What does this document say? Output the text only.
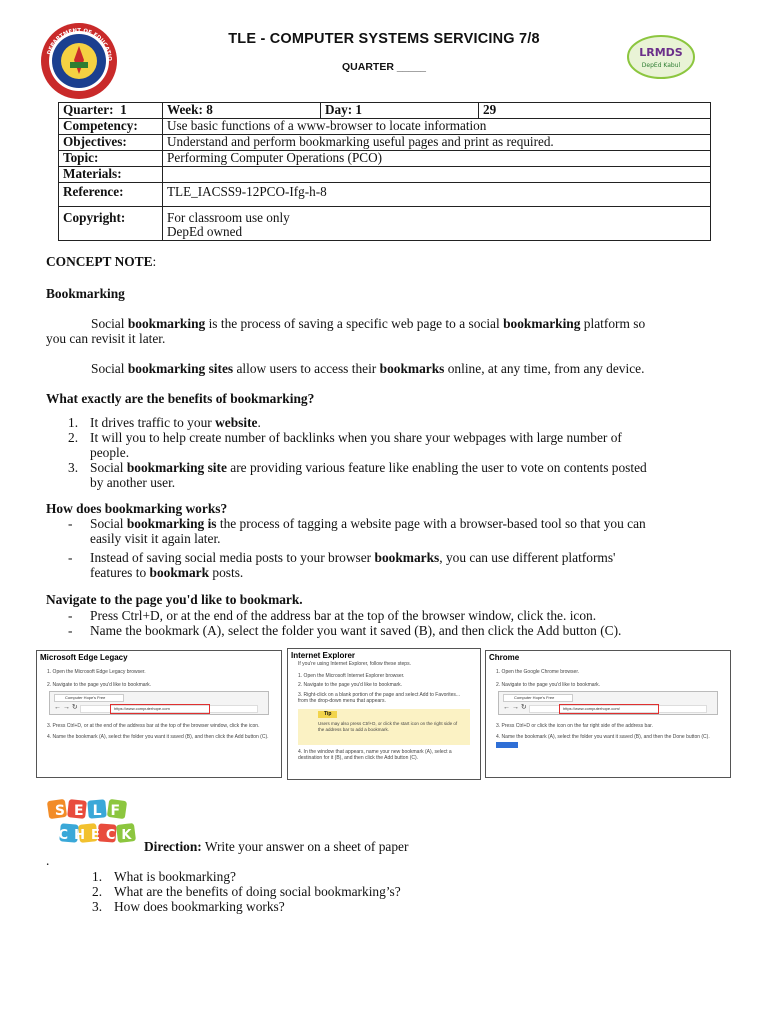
DEPARTMENT OF EDUCATIO
TLE - COMPUTER SYSTEMS SERVICING 7/8
QUARTER _____
LRMDS
DepEd Kabul
Quarter: 1	Week: 8	Day: 1	29
Competency:	Use basic functions of a www-browser to locate information		
Objectives:	Understand and perform bookmarking useful pages and print as required.		
Topic:	Performing Computer Operations (PCO)		
Materials:			
Reference:	TLE_IACSS9-12PCO-Ifg-h-8		
Copyright:	For classroom use only
DepEd owned		
CONCEPT NOTE:
Bookmarking
Social bookmarking is the process of saving a specific web page to a social bookmarking platform so
you can revisit it later.
Social bookmarking sites allow users to access their bookmarks online, at any time, from any device.
What exactly are the benefits of bookmarking?
1. It drives traffic to your website.
2. It will you to help create number of backlinks when you share your webpages with large number of
people.
3. Social bookmarking site are providing various feature like enabling the user to vote on contents posted
by another user.
How does bookmarking works?
- Social bookmarking is the process of tagging a website page with a browser-based tool so that you can
easily visit it again later.
- Instead of saving social media posts to your browser bookmarks, you can use different platforms'
features to bookmark posts.
Navigate to the page you'd like to bookmark.
- Press Ctrl+D, or at the end of the address bar at the top of the browser window, click the. icon.
- Name the bookmark (A), select the folder you want it saved (B), and then click the Add button (C).
Microsoft Edge Legacy
1. Open the Microsoft Edge Legacy browser.
2. Navigate to the page you'd like to bookmark.
Computer Hope's Free
← → ↻	https://www.computerhope.com
3. Press Ctrl+D, or at the end of the address bar at the top of the browser window, click the icon.
4. Name the bookmark (A), select the folder you want it saved (B), and then click the Add button (C).
Internet Explorer
If you're using Internet Explorer, follow these steps.
1. Open the Microsoft Internet Explorer browser.
2. Navigate to the page you'd like to bookmark.
3. Right-click on a blank portion of the page and select Add to Favorites... from the drop-down menu that appears.
Tip
Users may also press Ctrl+D, or click the start icon on the right side of the address bar to add a bookmark.
4. In the window that appears, name your new bookmark (A), select a destination for it (B), and then click the Add button (C).
Chrome
1. Open the Google Chrome browser.
2. Navigate to the page you'd like to bookmark.
Computer Hope's Free
← → ↻	https://www.computerhope.com/
3. Press Ctrl+D or click the icon on the far right side of the address bar.
4. Name the bookmark (A), select the folder you want it saved (B), and then the Done button (C).
SELF
CHECK
Direction: Write your answer on a sheet of paper
.
1. What is bookmarking?
2. What are the benefits of doing social bookmarking’s?
3. How does bookmarking works?
